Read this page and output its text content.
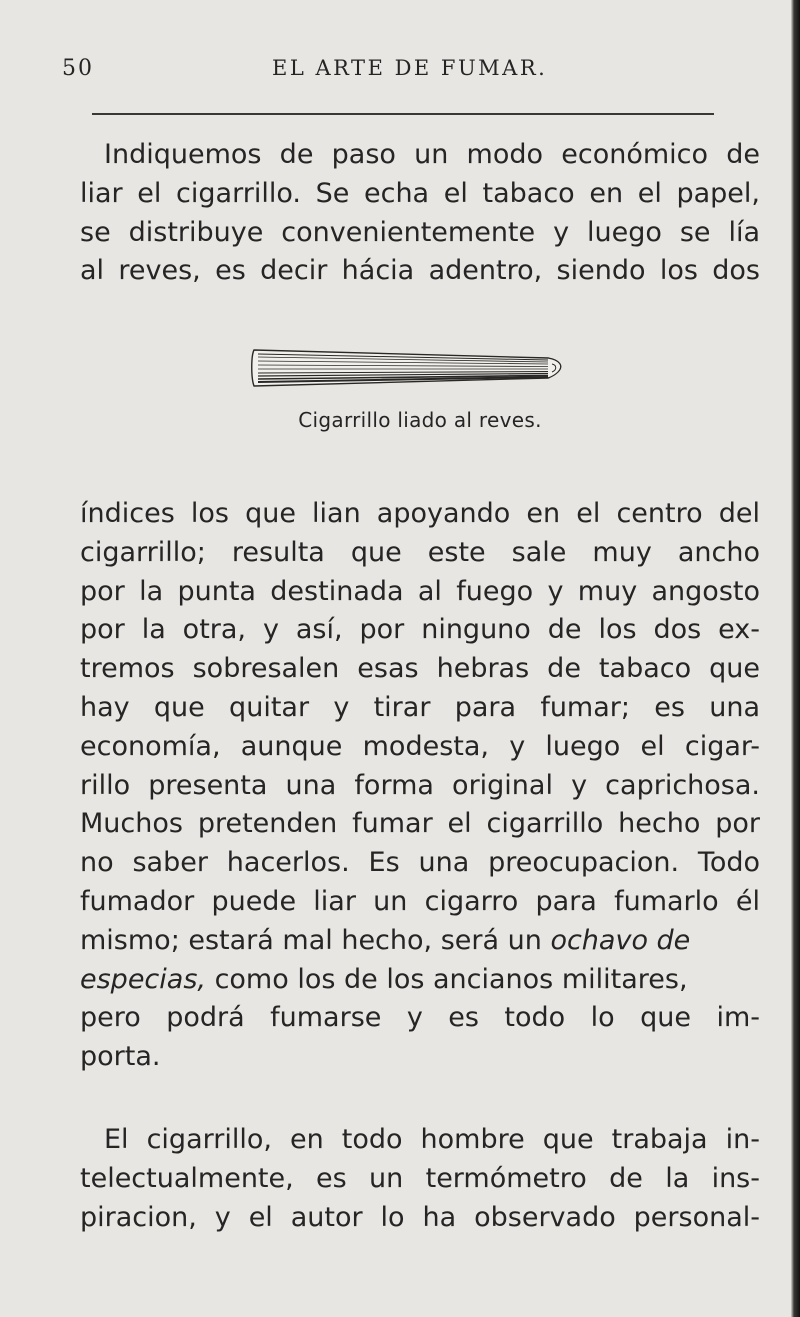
50	EL ARTE DE FUMAR.
Indiquemos de paso un modo económico de
liar el cigarrillo. Se echa el tabaco en el papel,
se distribuye convenientemente y luego se lía
al reves, es decir hácia adentro, siendo los dos
Cigarrillo liado al reves.
índices los que lian apoyando en el centro del
cigarrillo; resulta que este sale muy ancho
por la punta destinada al fuego y muy angosto
por la otra, y así, por ninguno de los dos ex-
tremos sobresalen esas hebras de tabaco que
hay que quitar y tirar para fumar; es una
economía, aunque modesta, y luego el cigar-
rillo presenta una forma original y caprichosa.
Muchos pretenden fumar el cigarrillo hecho por
no saber hacerlos. Es una preocupacion. Todo
fumador puede liar un cigarro para fumarlo él
mismo; estará mal hecho, será un ochavo de
especias, como los de los ancianos militares,
pero podrá fumarse y es todo lo que im-
porta.
El cigarrillo, en todo hombre que trabaja in-
telectualmente, es un termómetro de la ins-
piracion, y el autor lo ha observado personal-
